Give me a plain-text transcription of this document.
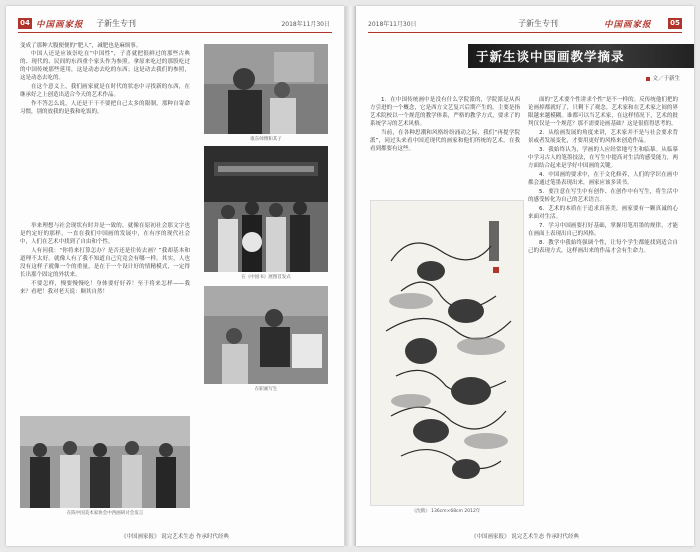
04 中国画家报 子新生专刊	2018年11月30日

变成了那种大腹便便的“肥人”，减肥也是麻烦事。

中国人还是应该崇吃在“中国性”，子喜就把很鲜过的那些古典的、现代的、民间的东西重个家头作为参照。拿原来吃过的那股吃过的中国传统那些延用，这是动态去吃的东西；这是动去我们的参照，这是动态去吃的。

在这个意义上，我们画家就是在时代的状态中寻找新的东西，在继承好之上创造出适合今天的艺术作品。

作不答怎么说，人还是干干不要把自己太多的限制，那种自寄命习惯，别的放我的是我和吃饭的。

举来理想与社会现状有时并是一致的，就像在原初社会那文字也是约定好的那样，一直在我们中国画的发展中，在有序的现代社会中，人们在艺术中找到了自由和个性。

人有问我：“你将来打算怎办？是否还是往传去画？”我却基本和道理不太好。就像人有了我不知道自己究竟会有哪一样。其实，人也没有这样子就像一个的重量，是在于一个设计好的情精模式，一定得长出那个固定的外状来。

不要怎样，慢要慢慢吃！身体要好好养！至于将来怎样——我来？看吧！我对老天说：顺其自然！

康东师傅和其子
在《中国书》展图首发式
在职画写生
在陈中国美术家协会中西画研讨会发言
《中国画家报》 说完艺术生态 作承时代经典
2018年11月30日	子新生专刊	中国画家报	05
于新生谈中国画教学摘录
文／于新生

1．在中国传统画中是没有什么学院派的，学院派是从西方引进的一个概念，它是西方文艺复兴后期产生的。主要是指艺术院校以一个规范的教学体系，严格的教学方式，要求了的系统学习的艺术风格。

当前，在各种思潮和风格纷纷涌动之际，我们“再提学院派”，同过头来看中国近现代的画家和他们所统的艺术，在我看到都要有这些。

面的“艺术要个性讲求个性”是不一样的。反传统他们把的论画掉都就好了，只剩下了观念。艺术家和在艺术家之间的界限越来越模糊。谁都可以当艺术家，在这样情况下，艺术的批判仅仅是一个规范？那不需要论画基础？这是很值得思考的。

2．从绘画发展的角度来讲，艺术家并不是与社会要求背景或者发展变化，才要用更好的风格来创造作品。

3．我始终认为，学画的人应经常地写生和临摹。从临摹中学习古人的笔墨技法，在写生中提高对生活的感受能力，两方面结合起来是学好中国画的关键。

4．中国画的要求中，在于文化修养，人们的学识在画中都会通过笔墨表现出来，画家应该多读书。

5．要注意在写生中有创作、在创作中有写生，将生活中的感受转化为自己的艺术语言。

6．艺术的本质在于追求真善美，画家要有一颗真诚的心来面对生活。

7．学习中国画要打好基础，掌握用笔用墨的规律，才能在画面上表现出自己的风格。

8．教学中我始终强调个性，让每个学生都能找到适合自己的表现方式，这样画出来的作品才会有生命力。

《沈鹤》 136cm×68cm 2012年
《中国画家报》 说完艺术生态 作承时代经典
